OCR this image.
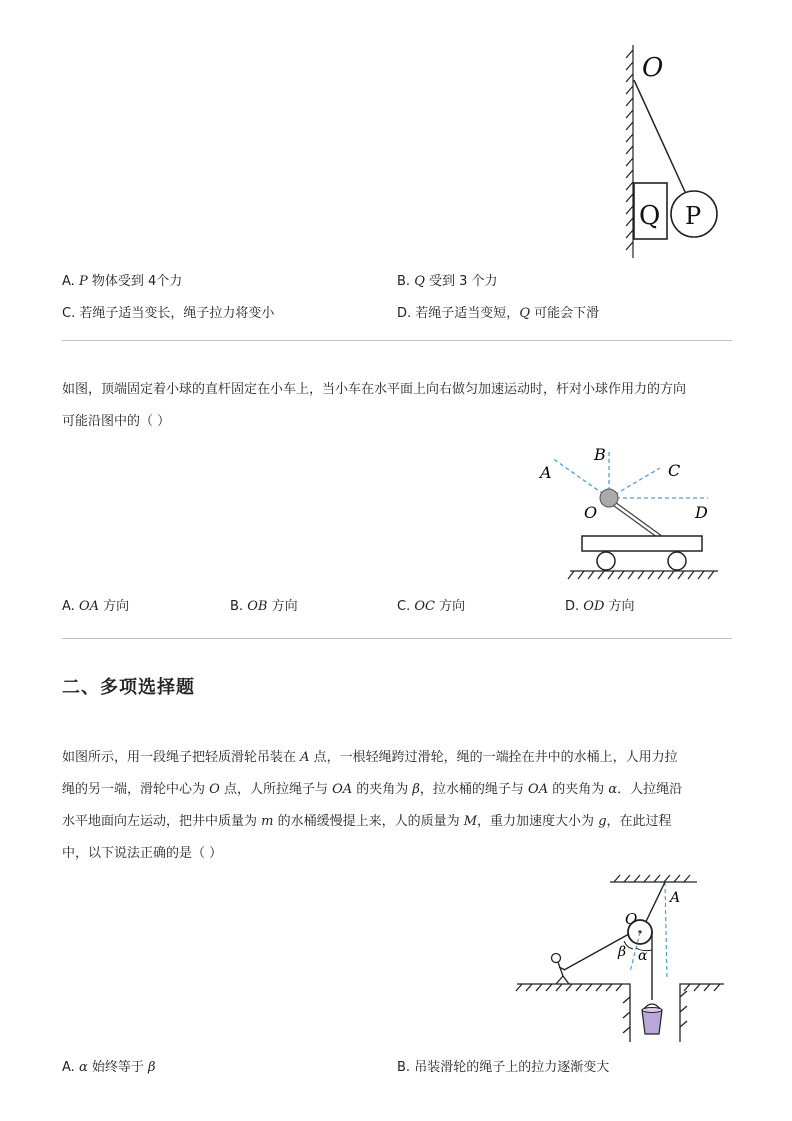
O
Q P
A. P 物体受到 4个力	B. Q 受到 3 个力
C. 若绳子适当变长，绳子拉力将变小	D. 若绳子适当变短，Q 可能会下滑
如图，顶端固定着小球的直杆固定在小车上，当小车在水平面上向右做匀加速运动时，杆对小球作用力的方向
可能沿图中的（ ）
A
B
C
D
O
A. OA 方向	B. OB 方向	C. OC 方向	D. OD 方向
二、多项选择题
如图所示，用一段绳子把轻质滑轮吊装在 A 点，一根轻绳跨过滑轮，绳的一端拴在井中的水桶上，人用力拉
绳的另一端，滑轮中心为 O 点，人所拉绳子与 OA 的夹角为 β，拉水桶的绳子与 OA 的夹角为 α．人拉绳沿
水平地面向左运动，把井中质量为 m 的水桶缓慢提上来，人的质量为 M，重力加速度大小为 g，在此过程
中，以下说法正确的是（ ）
O
A
β α
A. α 始终等于 β	B. 吊装滑轮的绳子上的拉力逐渐变大
